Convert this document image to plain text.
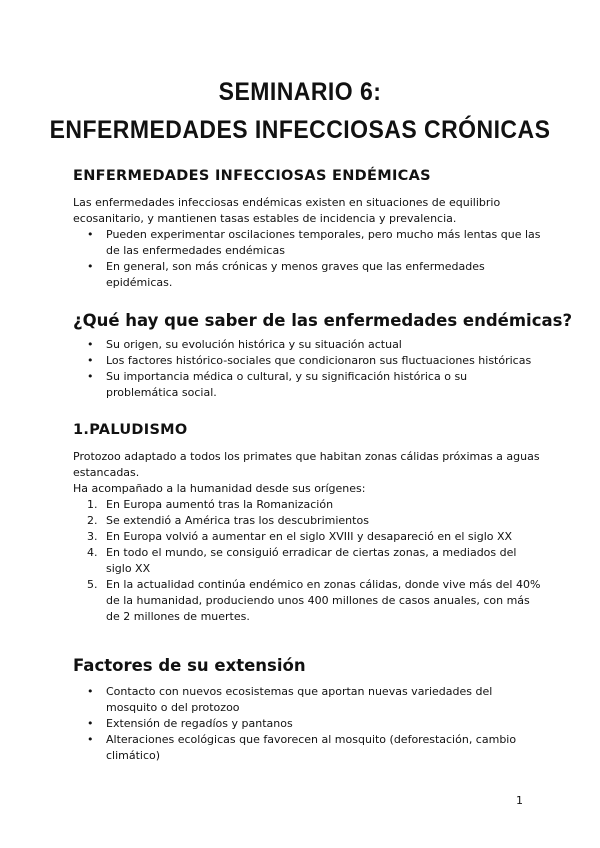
SEMINARIO 6:
ENFERMEDADES INFECCIOSAS CRÓNICAS
ENFERMEDADES INFECCIOSAS ENDÉMICAS

Las enfermedades infecciosas endémicas existen en situaciones de equilibrio ecosanitario, y mantienen tasas estables de incidencia y prevalencia.

• Pueden experimentar oscilaciones temporales, pero mucho más lentas que las de las enfermedades endémicas
• En general, son más crónicas y menos graves que las enfermedades epidémicas.
¿Qué hay que saber de las enfermedades endémicas?
• Su origen, su evolución histórica y su situación actual
• Los factores histórico-sociales que condicionaron sus fluctuaciones históricas
• Su importancia médica o cultural, y su significación histórica o su problemática social.
1.PALUDISMO

Protozoo adaptado a todos los primates que habitan zonas cálidas próximas a aguas estancadas.

Ha acompañado a la humanidad desde sus orígenes:

1. En Europa aumentó tras la Romanización
2. Se extendió a América tras los descubrimientos
3. En Europa volvió a aumentar en el siglo XVIII y desapareció en el siglo XX
4. En todo el mundo, se consiguió erradicar de ciertas zonas, a mediados del siglo XX
5. En la actualidad continúa endémico en zonas cálidas, donde vive más del 40% de la humanidad, produciendo unos 400 millones de casos anuales, con más de 2 millones de muertes.
Factores de su extensión
• Contacto con nuevos ecosistemas que aportan nuevas variedades del mosquito o del protozoo
• Extensión de regadíos y pantanos
• Alteraciones ecológicas que favorecen al mosquito (deforestación, cambio climático)
1
